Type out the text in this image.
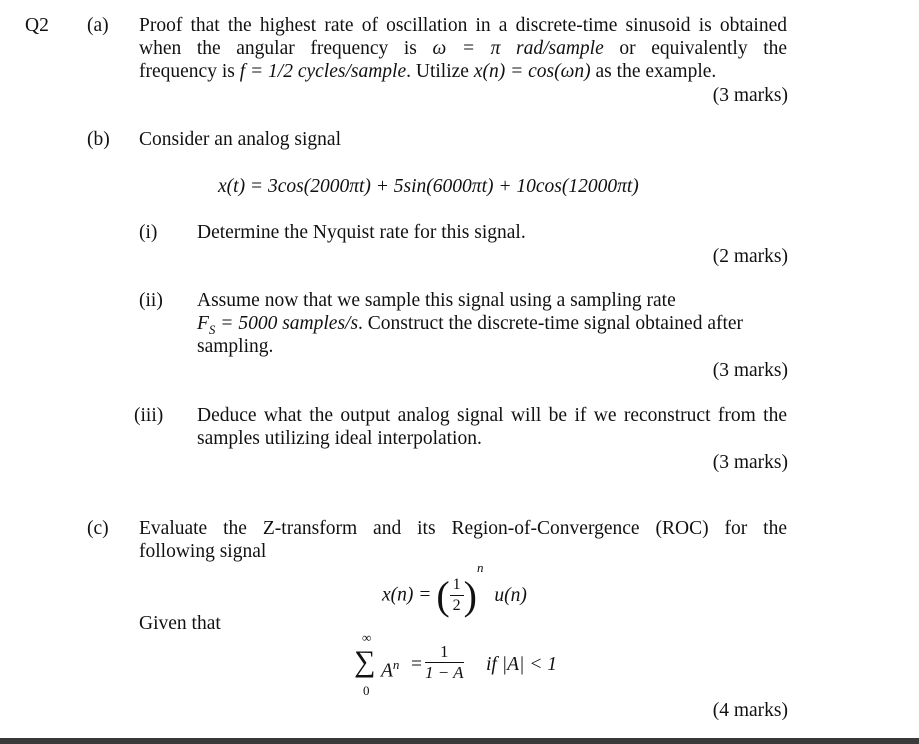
Q2 (a) Proof that the highest rate of oscillation in a discrete-time sinusoid is obtained
when the angular frequency is ω = π rad/sample or equivalently the
frequency is f = 1/2 cycles/sample. Utilize x(n) = cos(ωn) as the example.
(3 marks)
(b) Consider an analog signal
x(t) = 3cos(2000πt) + 5sin(6000πt) + 10cos(12000πt)
(i) Determine the Nyquist rate for this signal.
(2 marks)
(ii) Assume now that we sample this signal using a sampling rate
$F_S = 5000$ samples/s. Construct the discrete-time signal obtained after
sampling.
(3 marks)
(iii) Deduce what the output analog signal will be if we reconstruct from the
samples utilizing ideal interpolation.
(3 marks)
(c) Evaluate the Z-transform and its Region-of-Convergence (ROC) for the
following signal
x(n) = ( $\frac{1}{2} )^n$ u(n)
Given that
∞
∑
0
$A^n = \frac{1}{1 - A}$ if |A| < 1
(4 marks)
